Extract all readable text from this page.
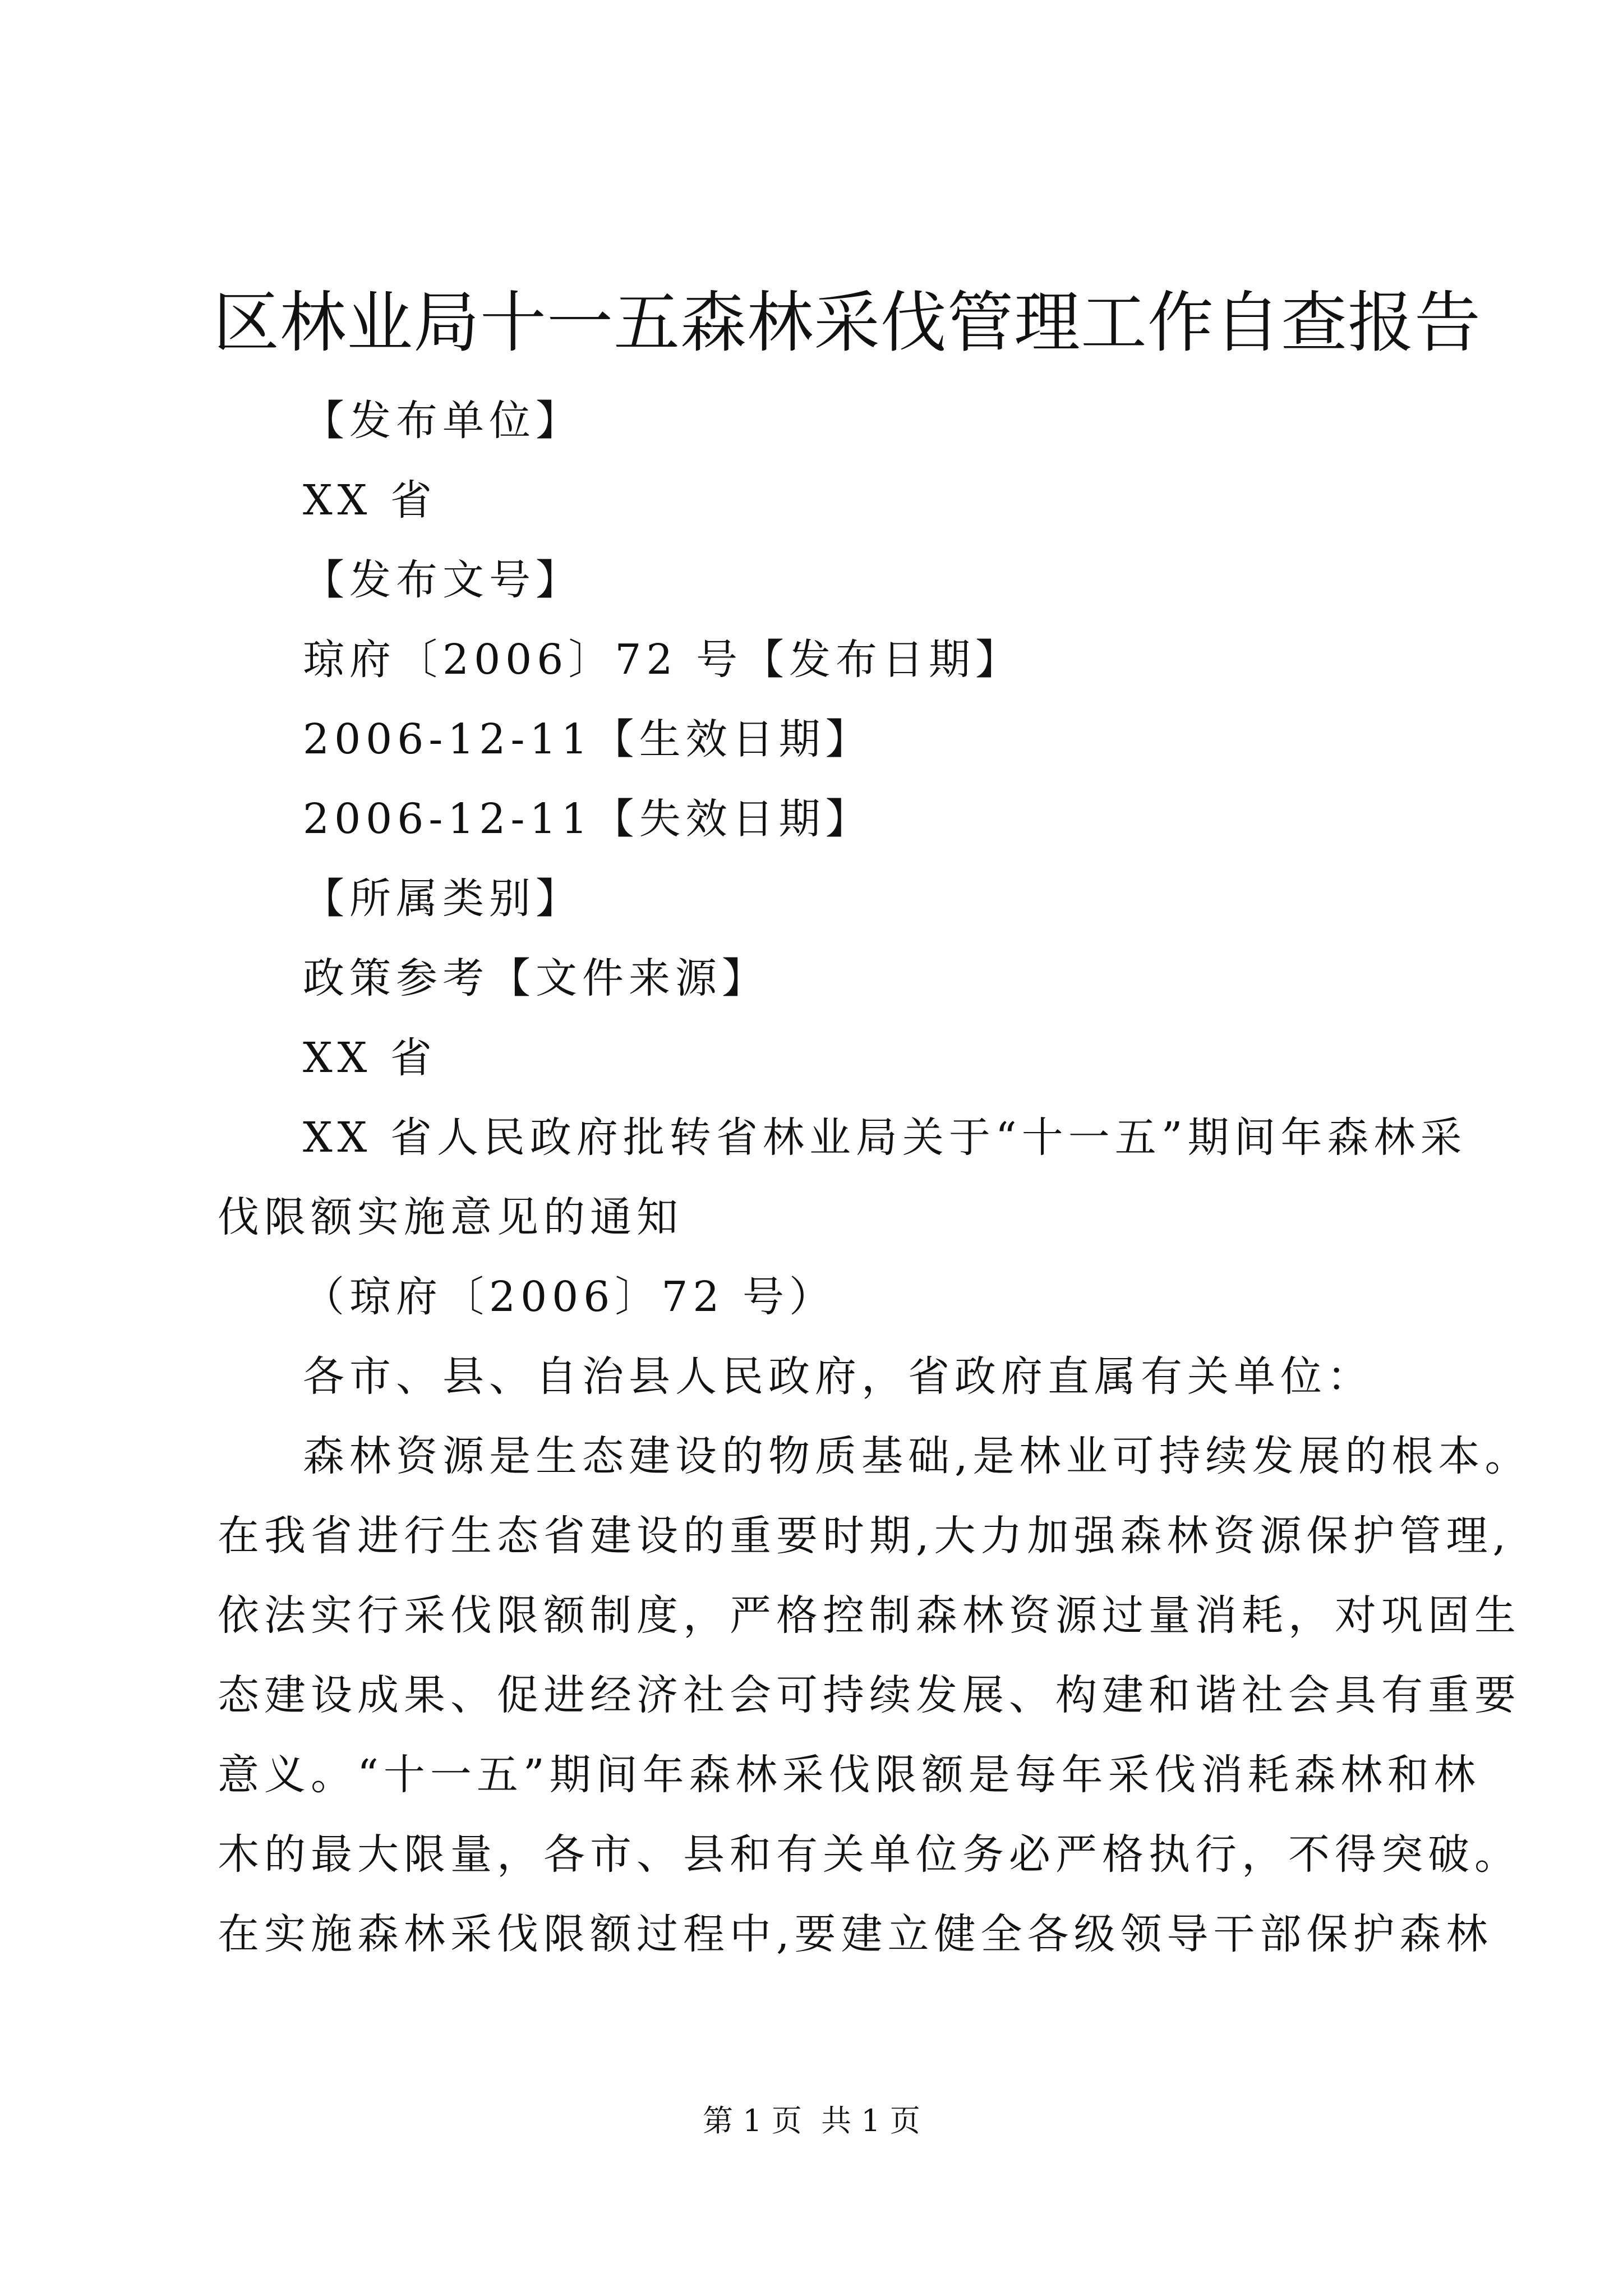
区林业局十一五森林采伐管理工作自查报告

【发布单位】

XX 省

【发布文号】

琼府〔2006〕72 号【发布日期】

2006-12-11【生效日期】

2006-12-11【失效日期】

【所属类别】

政策参考【文件来源】

XX 省

XX 省人民政府批转省林业局关于“十一五”期间年森林采

伐限额实施意见的通知

（琼府〔2006〕72 号）

各市、县、自治县人民政府，省政府直属有关单位：

森林资源是生态建设的物质基础,是林业可持续发展的根本。

在我省进行生态省建设的重要时期,大力加强森林资源保护管理,

依法实行采伐限额制度，严格控制森林资源过量消耗，对巩固生

态建设成果、促进经济社会可持续发展、构建和谐社会具有重要

意义。“十一五”期间年森林采伐限额是每年采伐消耗森林和林

木的最大限量，各市、县和有关单位务必严格执行，不得突破。

在实施森林采伐限额过程中,要建立健全各级领导干部保护森林

第 1 页  共 1 页
